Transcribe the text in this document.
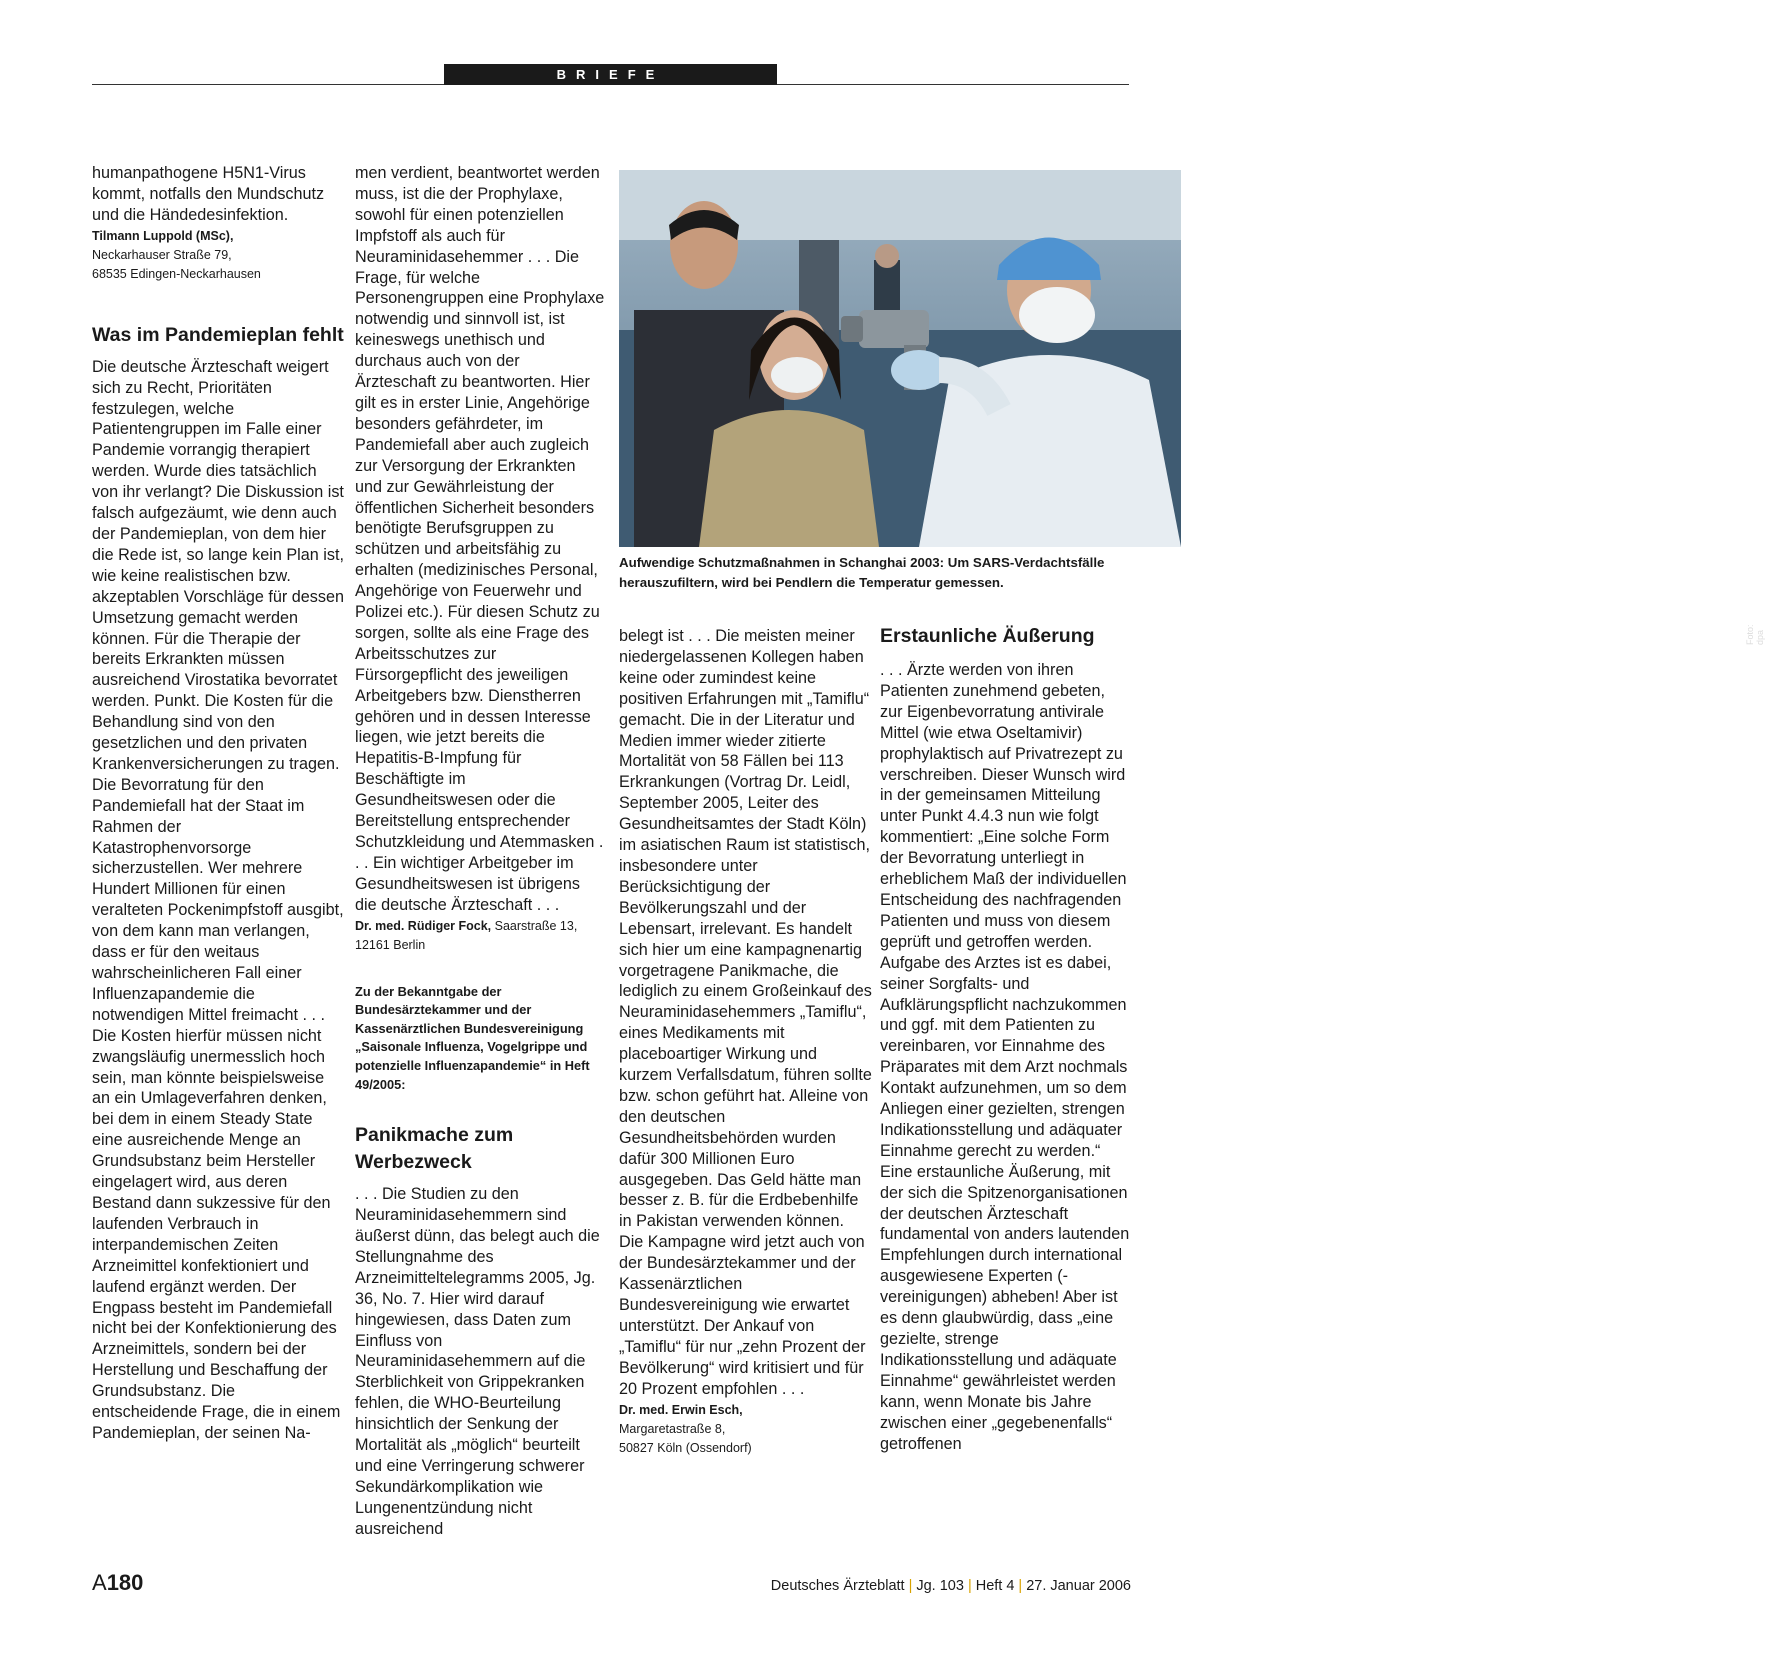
BRIEFE

humanpathogene H5N1-Virus kommt, notfalls den Mundschutz und die Händedesinfektion.

Tilmann Luppold (MSc),
Neckarhauser Straße 79,
68535 Edingen-Neckarhausen
Was im Pandemieplan fehlt

Die deutsche Ärzteschaft weigert sich zu Recht, Prioritäten festzulegen, welche Patientengruppen im Falle einer Pandemie vorrangig therapiert werden. Wurde dies tatsächlich von ihr verlangt? Die Diskussion ist falsch aufgezäumt, wie denn auch der Pandemieplan, von dem hier die Rede ist, so lange kein Plan ist, wie keine realistischen bzw. akzeptablen Vorschläge für dessen Umsetzung gemacht werden können. Für die Therapie der bereits Erkrankten müssen ausreichend Virostatika bevorratet werden. Punkt. Die Kosten für die Behandlung sind von den gesetzlichen und den privaten Krankenversicherungen zu tragen. Die Bevorratung für den Pandemiefall hat der Staat im Rahmen der Katastrophenvorsorge sicherzustellen. Wer mehrere Hundert Millionen für einen veralteten Pockenimpfstoff ausgibt, von dem kann man verlangen, dass er für den weitaus wahrscheinlicheren Fall einer Influenzapandemie die notwendigen Mittel freimacht . . . Die Kosten hierfür müssen nicht zwangsläufig unermesslich hoch sein, man könnte beispielsweise an ein Umlageverfahren denken, bei dem in einem Steady State eine ausreichende Menge an Grundsubstanz beim Hersteller eingelagert wird, aus deren Bestand dann sukzessive für den laufenden Verbrauch in interpandemischen Zeiten Arzneimittel konfektioniert und laufend ergänzt werden. Der Engpass besteht im Pandemiefall nicht bei der Konfektionierung des Arzneimittels, sondern bei der Herstellung und Beschaffung der Grundsubstanz. Die entscheidende Frage, die in einem Pandemieplan, der seinen Na-

men verdient, beantwortet werden muss, ist die der Prophylaxe, sowohl für einen potenziellen Impfstoff als auch für Neuraminidasehemmer . . . Die Frage, für welche Personengruppen eine Prophylaxe notwendig und sinnvoll ist, ist keineswegs unethisch und durchaus auch von der Ärzteschaft zu beantworten. Hier gilt es in erster Linie, Angehörige besonders gefährdeter, im Pandemiefall aber auch zugleich zur Versorgung der Erkrankten und zur Gewährleistung der öffentlichen Sicherheit besonders benötigte Berufsgruppen zu schützen und arbeitsfähig zu erhalten (medizinisches Personal, Angehörige von Feuerwehr und Polizei etc.). Für diesen Schutz zu sorgen, sollte als eine Frage des Arbeitsschutzes zur Fürsorgepflicht des jeweiligen Arbeitgebers bzw. Dienstherren gehören und in dessen Interesse liegen, wie jetzt bereits die Hepatitis-B-Impfung für Beschäftigte im Gesundheitswesen oder die Bereitstellung entsprechender Schutzkleidung und Atemmasken . . . Ein wichtiger Arbeitgeber im Gesundheitswesen ist übrigens die deutsche Ärzteschaft . . .

Dr. med. Rüdiger Fock, Saarstraße 13, 12161 Berlin
Zu der Bekanntgabe der Bundesärztekammer und der Kassenärztlichen Bundesvereinigung „Saisonale Influenza, Vogelgrippe und potenzielle Influenzapandemie“ in Heft 49/2005:
Panikmache zum Werbezweck

. . . Die Studien zu den Neuraminidasehemmern sind äußerst dünn, das belegt auch die Stellungnahme des Arzneimitteltelegramms 2005, Jg. 36, No. 7. Hier wird darauf hingewiesen, dass Daten zum Einfluss von Neuraminidasehemmern auf die Sterblichkeit von Grippekranken fehlen, die WHO-Beurteilung hinsichtlich der Senkung der Mortalität als „möglich“ beurteilt und eine Verringerung schwerer Sekundärkomplikation wie Lungenentzündung nicht ausreichend

Foto: dpa
Aufwendige Schutzmaßnahmen in Schanghai 2003: Um SARS-Verdachtsfälle herauszufiltern, wird bei Pendlern die Temperatur gemessen.

belegt ist . . . Die meisten meiner niedergelassenen Kollegen haben keine oder zumindest keine positiven Erfahrungen mit „Tamiflu“ gemacht. Die in der Literatur und Medien immer wieder zitierte Mortalität von 58 Fällen bei 113 Erkrankungen (Vortrag Dr. Leidl, September 2005, Leiter des Gesundheitsamtes der Stadt Köln) im asiatischen Raum ist statistisch, insbesondere unter Berücksichtigung der Bevölkerungszahl und der Lebensart, irrelevant. Es handelt sich hier um eine kampagnenartig vorgetragene Panikmache, die lediglich zu einem Großeinkauf des Neuraminidasehemmers „Tamiflu“, eines Medikaments mit placeboartiger Wirkung und kurzem Verfallsdatum, führen sollte bzw. schon geführt hat. Alleine von den deutschen Gesundheitsbehörden wurden dafür 300 Millionen Euro ausgegeben. Das Geld hätte man besser z. B. für die Erdbebenhilfe in Pakistan verwenden können. Die Kampagne wird jetzt auch von der Bundesärztekammer und der Kassenärztlichen Bundesvereinigung wie erwartet unterstützt. Der Ankauf von „Tamiflu“ für nur „zehn Prozent der Bevölkerung“ wird kritisiert und für 20 Prozent empfohlen . . .

Dr. med. Erwin Esch,
Margaretastraße 8,
50827 Köln (Ossendorf)
Erstaunliche Äußerung

. . . Ärzte werden von ihren Patienten zunehmend gebeten, zur Eigenbevorratung antivirale Mittel (wie etwa Oseltamivir) prophylaktisch auf Privatrezept zu verschreiben. Dieser Wunsch wird in der gemeinsamen Mitteilung unter Punkt 4.4.3 nun wie folgt kommentiert: „Eine solche Form der Bevorratung unterliegt in erheblichem Maß der individuellen Entscheidung des nachfragenden Patienten und muss von diesem geprüft und getroffen werden. Aufgabe des Arztes ist es dabei, seiner Sorgfalts- und Aufklärungspflicht nachzukommen und ggf. mit dem Patienten zu vereinbaren, vor Einnahme des Präparates mit dem Arzt nochmals Kontakt aufzunehmen, um so dem Anliegen einer gezielten, strengen Indikationsstellung und adäquater Einnahme gerecht zu werden.“ Eine erstaunliche Äußerung, mit der sich die Spitzenorganisationen der deutschen Ärzteschaft fundamental von anders lautenden Empfehlungen durch international ausgewiesene Experten (-vereinigungen) abheben! Aber ist es denn glaubwürdig, dass „eine gezielte, strenge Indikationsstellung und adäquate Einnahme“ gewährleistet werden kann, wenn Monate bis Jahre zwischen einer „gegebenenfalls“ getroffenen

A180	Deutsches Ärzteblatt | Jg. 103 | Heft 4 | 27. Januar 2006
